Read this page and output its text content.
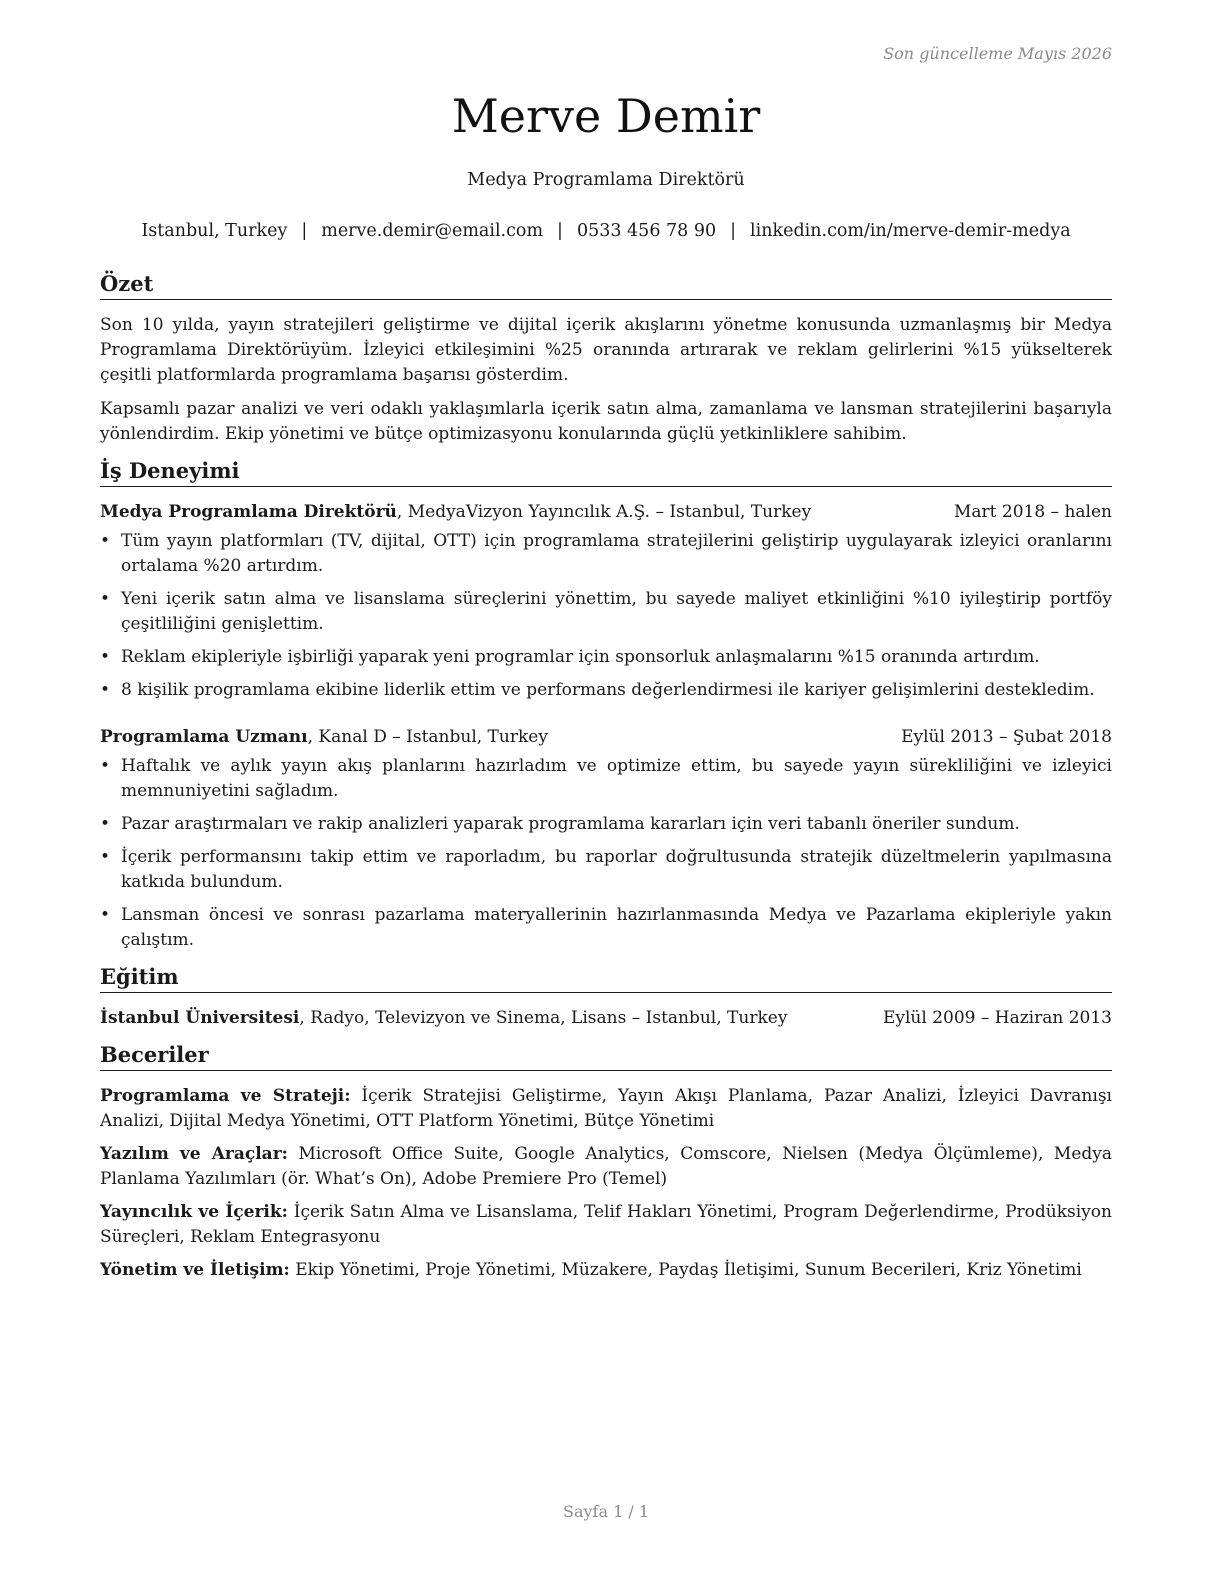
Son güncelleme Mayıs 2026
Merve Demir
Medya Programlama Direktörü
Istanbul, Turkey | merve.demir@email.com | 0533 456 78 90 | linkedin.com/in/merve-demir-medya
Özet

Son 10 yılda, yayın stratejileri geliştirme ve dijital içerik akışlarını yönetme konusunda uzmanlaşmış bir Medya Programlama Direktörüyüm. İzleyici etkileşimini %25 oranında artırarak ve reklam gelirlerini %15 yükselterek çeşitli platformlarda programlama başarısı gösterdim.

Kapsamlı pazar analizi ve veri odaklı yaklaşımlarla içerik satın alma, zamanlama ve lansman stratejilerini başarıyla yönlendirdim. Ekip yönetimi ve bütçe optimizasyonu konularında güçlü yetkinliklere sahibim.

İş Deneyimi
Medya Programlama Direktörü, MedyaVizyon Yayıncılık A.Ş. – Istanbul, Turkey	Mart 2018 – halen
• Tüm yayın platformları (TV, dijital, OTT) için programlama stratejilerini geliştirip uygulayarak izleyici oranlarını ortalama %20 artırdım.
• Yeni içerik satın alma ve lisanslama süreçlerini yönettim, bu sayede maliyet etkinliğini %10 iyileştirip portföy çeşitliliğini genişlettim.
• Reklam ekipleriyle işbirliği yaparak yeni programlar için sponsorluk anlaşmalarını %15 oranında artırdım.
• 8 kişilik programlama ekibine liderlik ettim ve performans değerlendirmesi ile kariyer gelişimlerini destekledim.
Programlama Uzmanı, Kanal D – Istanbul, Turkey	Eylül 2013 – Şubat 2018
• Haftalık ve aylık yayın akış planlarını hazırladım ve optimize ettim, bu sayede yayın sürekliliğini ve izleyici memnuniyetini sağladım.
• Pazar araştırmaları ve rakip analizleri yaparak programlama kararları için veri tabanlı öneriler sundum.
• İçerik performansını takip ettim ve raporladım, bu raporlar doğrultusunda stratejik düzeltmelerin yapılmasına katkıda bulundum.
• Lansman öncesi ve sonrası pazarlama materyallerinin hazırlanmasında Medya ve Pazarlama ekipleriyle yakın çalıştım.
Eğitim
İstanbul Üniversitesi, Radyo, Televizyon ve Sinema, Lisans – Istanbul, Turkey	Eylül 2009 – Haziran 2013
Beceriler

Programlama ve Strateji: İçerik Stratejisi Geliştirme, Yayın Akışı Planlama, Pazar Analizi, İzleyici Davranışı Analizi, Dijital Medya Yönetimi, OTT Platform Yönetimi, Bütçe Yönetimi

Yazılım ve Araçlar: Microsoft Office Suite, Google Analytics, Comscore, Nielsen (Medya Ölçümleme), Medya Planlama Yazılımları (ör. What’s On), Adobe Premiere Pro (Temel)

Yayıncılık ve İçerik: İçerik Satın Alma ve Lisanslama, Telif Hakları Yönetimi, Program Değerlendirme, Prodüksiyon Süreçleri, Reklam Entegrasyonu

Yönetim ve İletişim: Ekip Yönetimi, Proje Yönetimi, Müzakere, Paydaş İletişimi, Sunum Becerileri, Kriz Yönetimi

Sayfa 1 / 1
